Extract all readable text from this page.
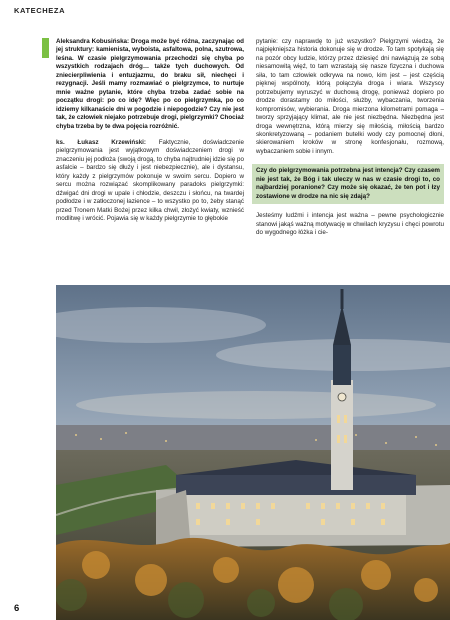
KATECHEZA

Aleksandra Kobusińska: Droga może być różna, zaczynając od jej struktury: kamienista, wyboista, asfaltowa, polna, szutrowa, leśna. W czasie pielgrzymowania przechodzi się chyba po wszystkich rodzajach dróg… także tych duchowych. Od zniecierpliwienia i entuzjazmu, do braku sił, niechęci i rezygnacji. Jeśli mamy rozmawiać o pielgrzymce, to nurtuje mnie ważne pytanie, które chyba trzeba zadać sobie na początku drogi: po co idę? Więc po co pielgrzymka, po co idziemy kilkanaście dni w pogodzie i niepogodzie? Czy nie jest tak, że człowiek niejako potrzebuje drogi, pielgrzymki? Chociaż chyba trzeba by te dwa pojęcia rozróżnić.

ks. Łukasz Krzewiński: Faktycznie, doświadczenie pielgrzymowania jest wyjątkowym doświadczeniem drogi w znaczeniu jej podłoża (swoją drogą, to chyba najtrudniej idzie się po asfalcie – bardzo się dłuży i jest niebezpiecznie), ale i dystansu, który każdy z pielgrzymów pokonuje w swoim sercu. Dopiero w sercu można rozwiązać skomplikowany paradoks pielgrzymki: dźwigać dni drogi w upale i chłodzie, deszczu i słońcu, na twardej podłodze i w zatłoczonej łazience – to wszystko po to, żeby stanąć przed Tronem Matki Bożej przez kilka chwil, złożyć kwiaty, wznieść modlitwę i wrócić. Pojawia się w każdy pielgrzymie to głębokie

pytanie: czy naprawdę to już wszystko? Pielgrzymi wiedzą, że najpiękniejsza historia dokonuje się w drodze. To tam spotykają się na pozór obcy ludzie, którzy przez dziesięć dni nawiązują ze sobą niesamowitą więź, to tam wzrastają się nasze fizyczna i duchowa siła, to tam człowiek odkrywa na nowo, kim jest – jest częścią pięknej wspólnoty, którą połączyła droga i wiara. Wszyscy potrzebujemy wyruszyć w duchową drogę, ponieważ dopiero po drodze dorastamy do miłości, służby, wybaczania, tworzenia kompromisów, wybierania. Droga mierzona kilometrami pomaga – tworzy sprzyjający klimat, ale nie jest niezbędna. Niezbędna jest droga wewnętrzna, którą mierzy się miłością, miłością bardzo skonkretyzowaną – podaniem butelki wody czy pomocnej dłoni, skierowaniem kroków w stronę konfesjonału, rozmową, wybaczaniem sobie i innym.

Czy do pielgrzymowania potrzebna jest intencja? Czy czasem nie jest tak, że Bóg i tak uleczy w nas w czasie drogi to, co najbardziej poranione? Czy może się okazać, że ten pot i łzy zostawione w drodze na nic się zdają?

Jesteśmy ludźmi i intencja jest ważna – pewne psychologicznie stanowi jakąś ważną motywację w chwilach kryzysu i chęci powrotu do wygodnego łóżka i cie-

6
